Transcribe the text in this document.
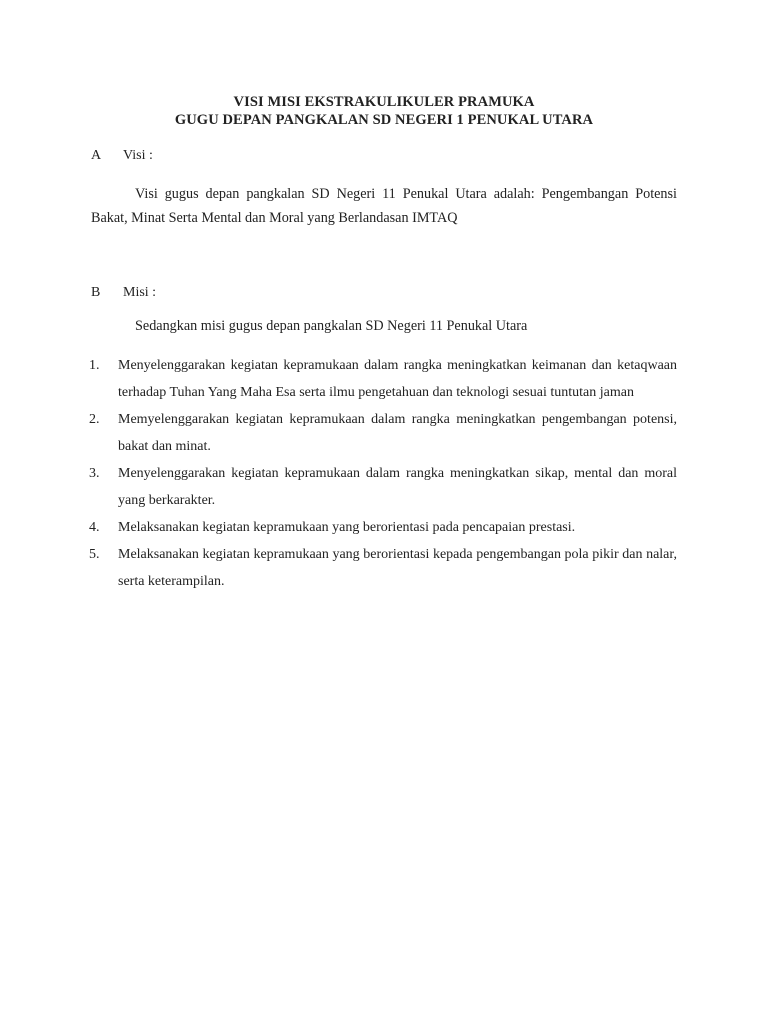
VISI MISI EKSTRAKULIKULER PRAMUKA
GUGU DEPAN PANGKALAN SD NEGERI 1 PENUKAL UTARA
A Visi :
Visi gugus depan pangkalan SD Negeri 11 Penukal Utara adalah: Pengembangan Potensi Bakat, Minat Serta Mental dan Moral yang Berlandasan IMTAQ
B Misi :
Sedangkan misi gugus depan pangkalan SD Negeri 11 Penukal Utara
1. Menyelenggarakan kegiatan kepramukaan dalam rangka meningkatkan keimanan dan ketaqwaan terhadap Tuhan Yang Maha Esa serta ilmu pengetahuan dan teknologi sesuai tuntutan jaman
2. Memyelenggarakan kegiatan kepramukaan dalam rangka meningkatkan pengembangan potensi, bakat dan minat.
3. Menyelenggarakan kegiatan kepramukaan dalam rangka meningkatkan sikap, mental dan moral yang berkarakter.
4. Melaksanakan kegiatan kepramukaan yang berorientasi pada pencapaian prestasi.
5. Melaksanakan kegiatan kepramukaan yang berorientasi kepada pengembangan pola pikir dan nalar, serta keterampilan.
